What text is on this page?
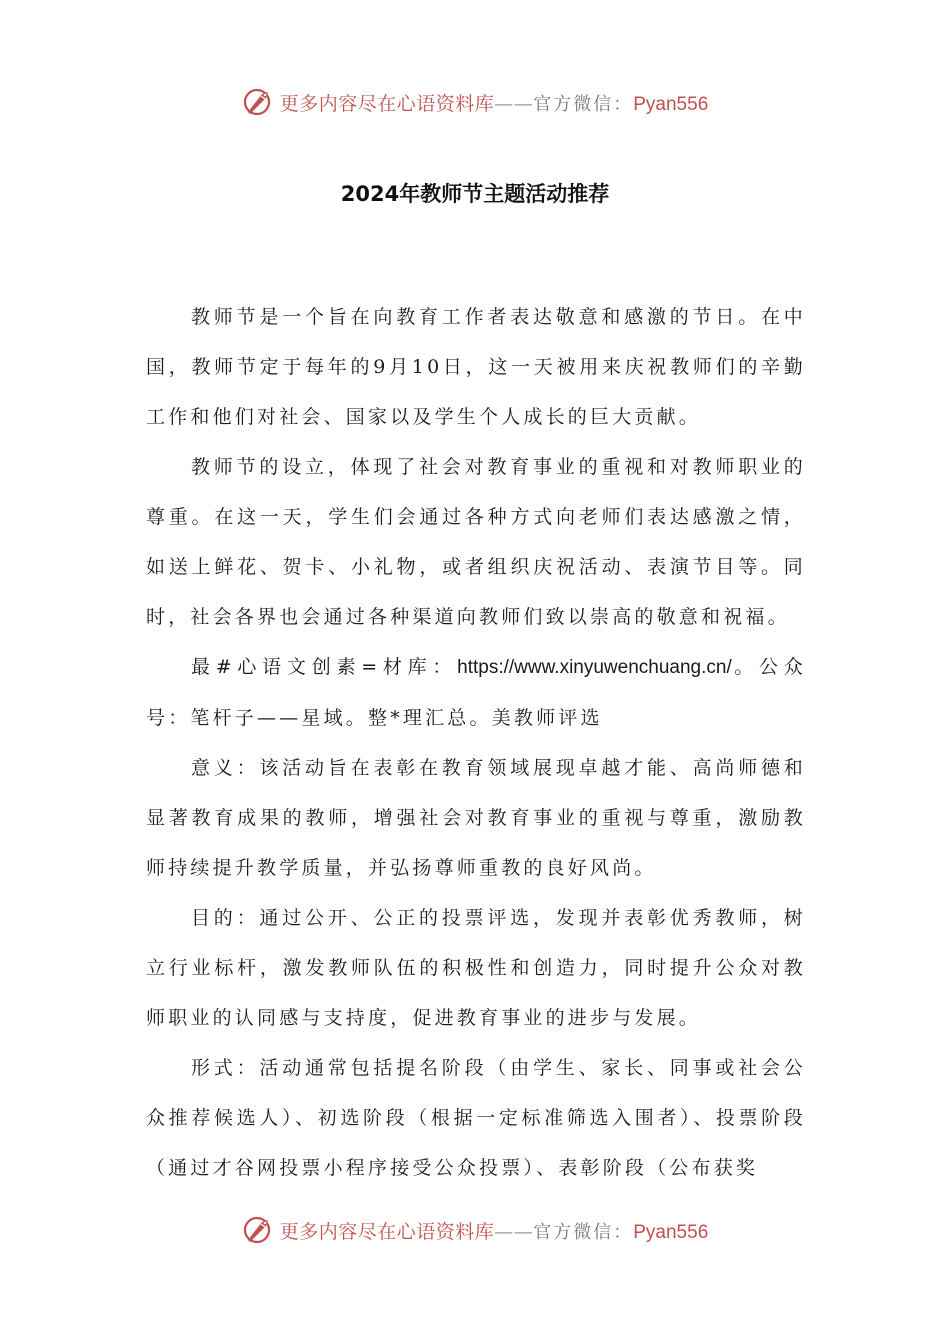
更多内容尽在心语资料库——官方微信：Pyan556
2024年教师节主题活动推荐

教师节是一个旨在向教育工作者表达敬意和感激的节日。在中国，教师节定于每年的9月10日，这一天被用来庆祝教师们的辛勤工作和他们对社会、国家以及学生个人成长的巨大贡献。

教师节的设立，体现了社会对教育事业的重视和对教师职业的尊重。在这一天，学生们会通过各种方式向老师们表达感激之情，如送上鲜花、贺卡、小礼物，或者组织庆祝活动、表演节目等。同时，社会各界也会通过各种渠道向教师们致以崇高的敬意和祝福。

最#心语文创素=材库：https://www.xinyuwenchuang.cn/。公众号：笔杆子——星域。整*理汇总。美教师评选

意义：该活动旨在表彰在教育领域展现卓越才能、高尚师德和显著教育成果的教师，增强社会对教育事业的重视与尊重，激励教师持续提升教学质量，并弘扬尊师重教的良好风尚。

目的：通过公开、公正的投票评选，发现并表彰优秀教师，树立行业标杆，激发教师队伍的积极性和创造力，同时提升公众对教师职业的认同感与支持度，促进教育事业的进步与发展。

形式：活动通常包括提名阶段（由学生、家长、同事或社会公众推荐候选人）、初选阶段（根据一定标准筛选入围者）、投票阶段（通过才谷网投票小程序接受公众投票）、表彰阶段（公布获奖

更多内容尽在心语资料库——官方微信：Pyan556
